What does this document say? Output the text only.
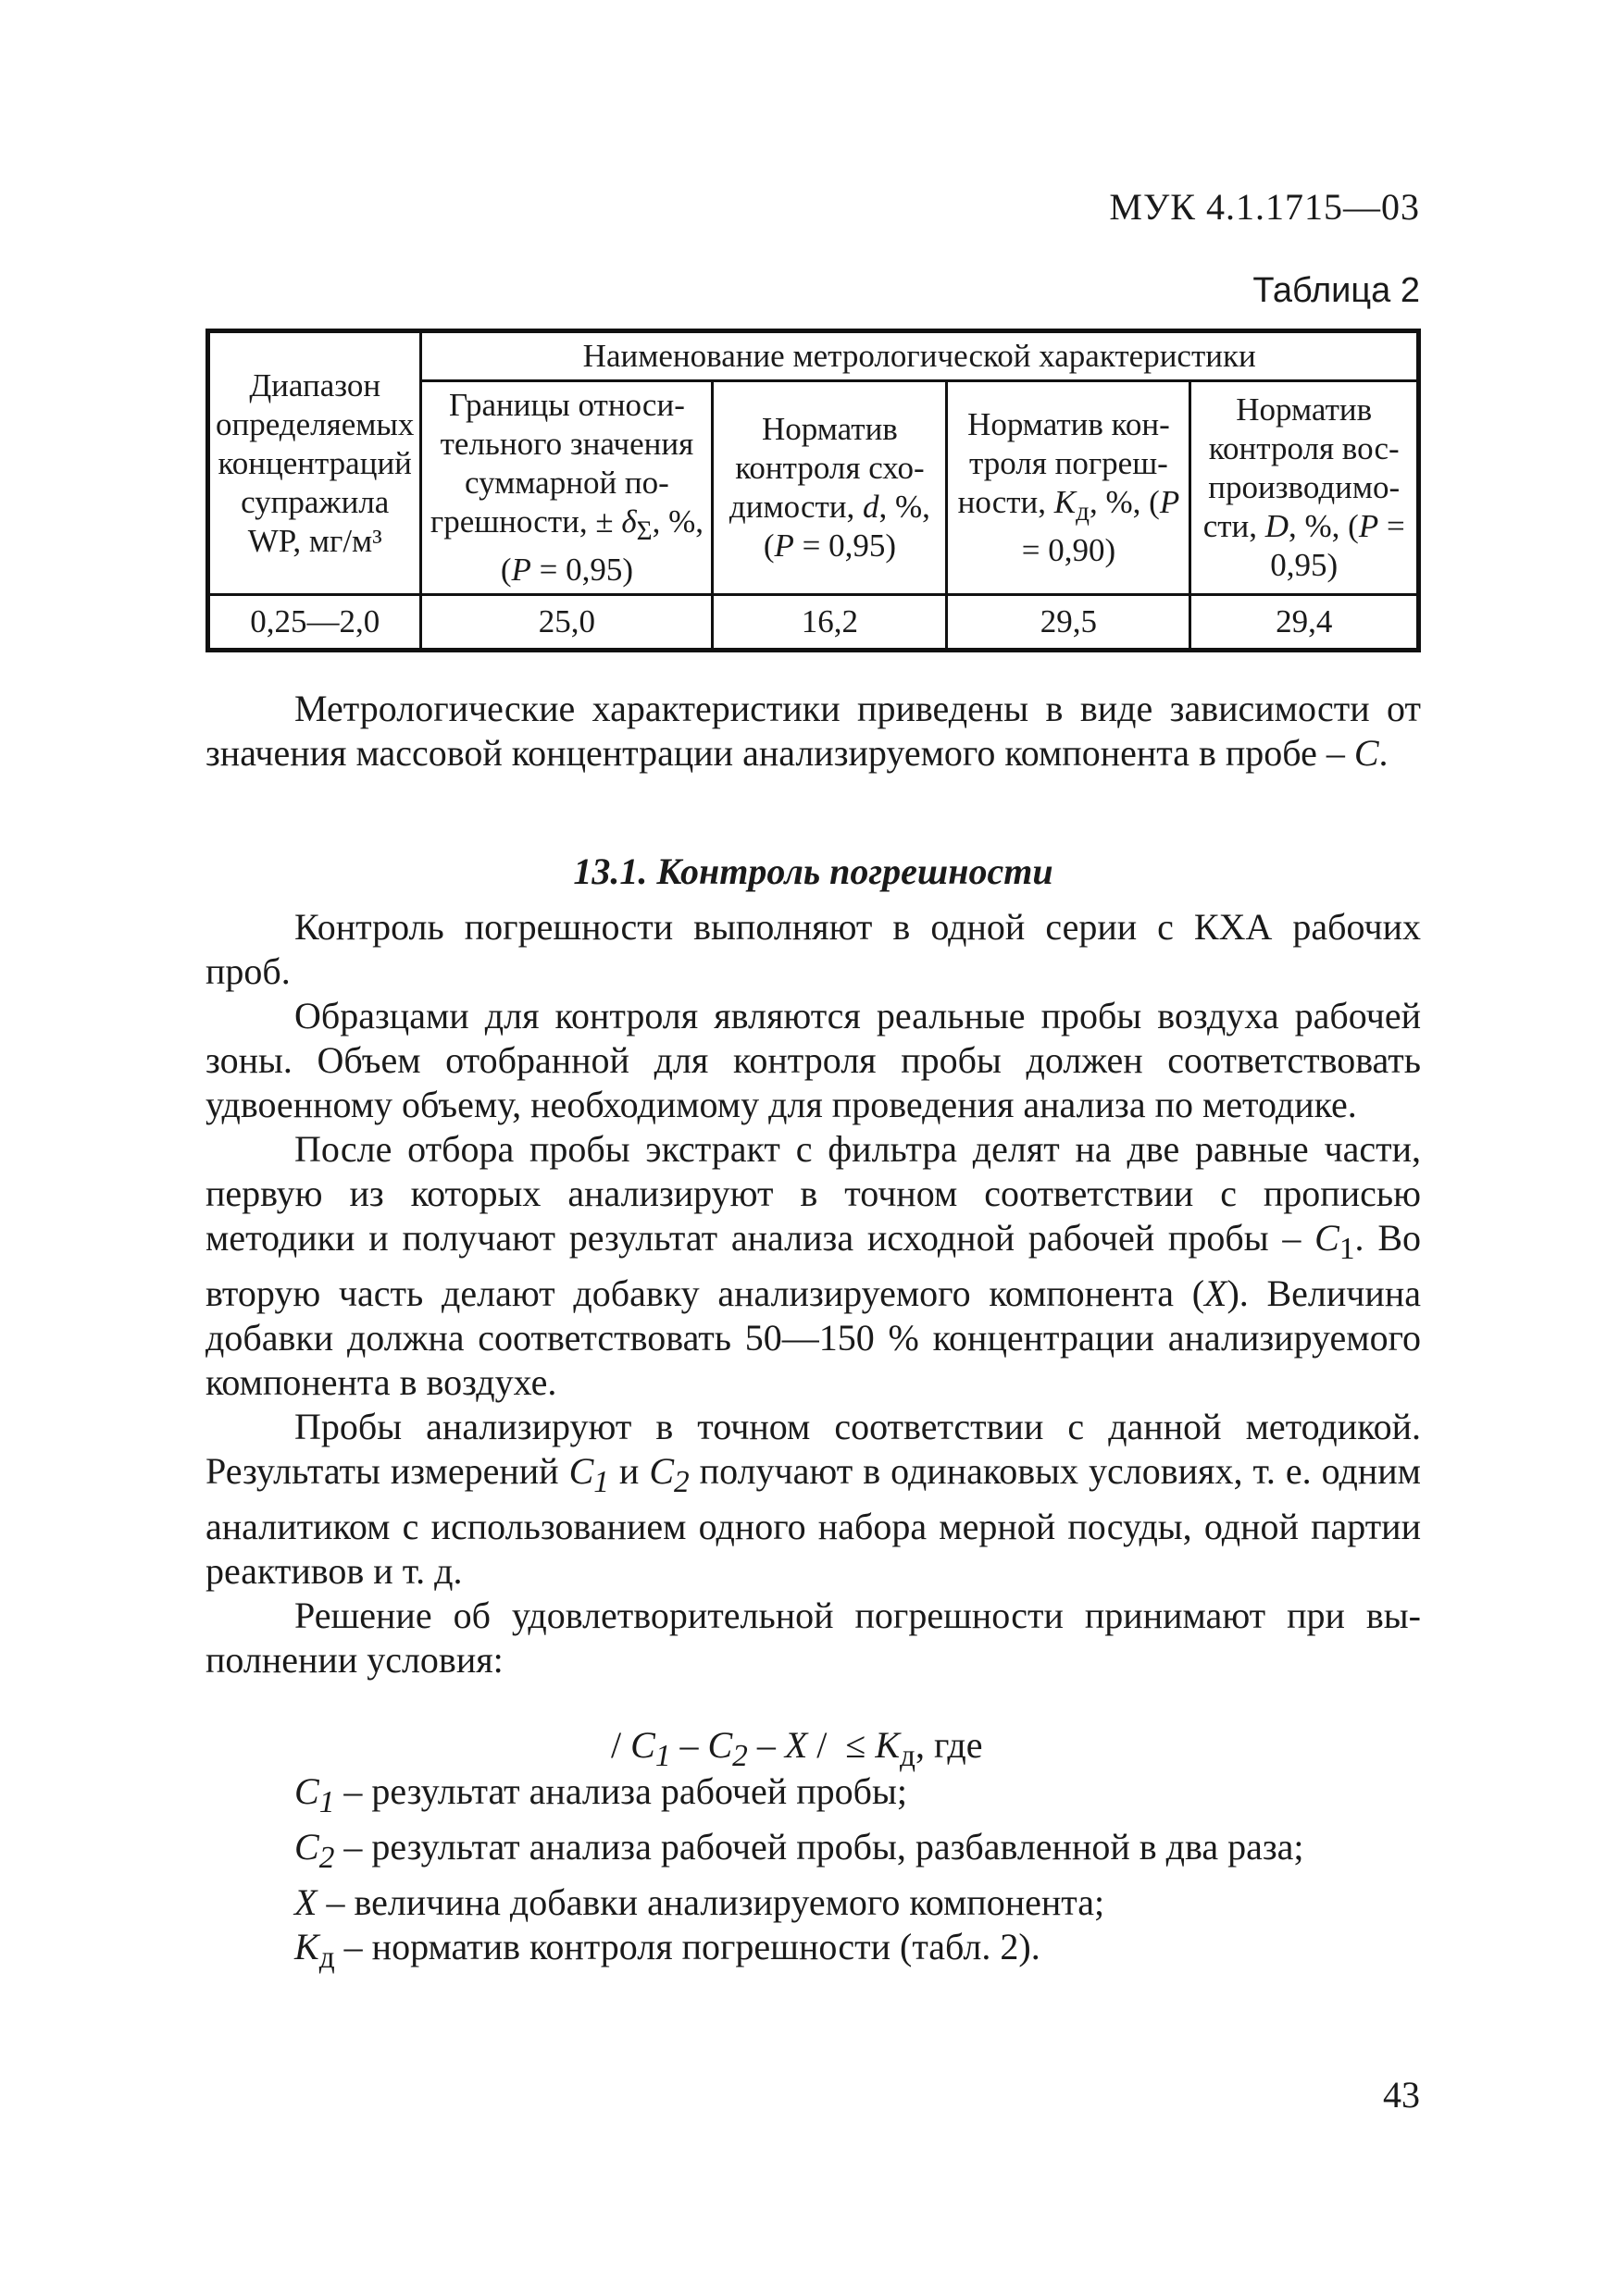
МУК 4.1.1715—03
Таблица 2
Диапазон определяемых концентраций супражила WP, мг/м³	Наименование метрологической характеристики			
	Границы относительного значения суммарной погрешности, ± $\delta_\Sigma$, %, (P = 0,95)	Норматив контроля сходимости, d, %, (P = 0,95)	Норматив контроля погрешности, $K_д$, %, (P = 0,90)	Норматив контроля воспроизводимости, D, %, (P = 0,95)
0,25—2,0	25,0	16,2	29,5	29,4

Метрологические характеристики приведены в виде зависимости от значения массовой концентрации анализируемого компонента в пробе – C.

13.1. Контроль погрешности

Контроль погрешности выполняют в одной серии с КХА рабочих проб.

Образцами для контроля являются реальные пробы воздуха рабочей зоны. Объем отобранной для контроля пробы должен соответствовать удвоенному объему, необходимому для проведения анализа по методике.

После отбора пробы экстракт с фильтра делят на две равные части, первую из которых анализируют в точном соответствии с прописью методики и получают результат анализа исходной рабочей пробы – $C_1$. Во вторую часть делают добавку анализируемого компонента (X). Величина добавки должна соответствовать 50—150 % концентрации анализируемого компонента в воздухе.

Пробы анализируют в точном соответствии с данной методикой. Результаты измерений $C_1$ и $C_2$ получают в одинаковых условиях, т. е. одним аналитиком с использованием одного набора мерной посуды, одной партии реактивов и т. д.

Решение об удовлетворительной погрешности принимают при выполнении условия:

/ $C_1 - C_2$ – X /  ≤ $K_д$, где
$C_1$ – результат анализа рабочей пробы;
$C_2$ – результат анализа рабочей пробы, разбавленной в два раза;
X – величина добавки анализируемого компонента;
$K_д$ – норматив контроля погрешности (табл. 2).
43
